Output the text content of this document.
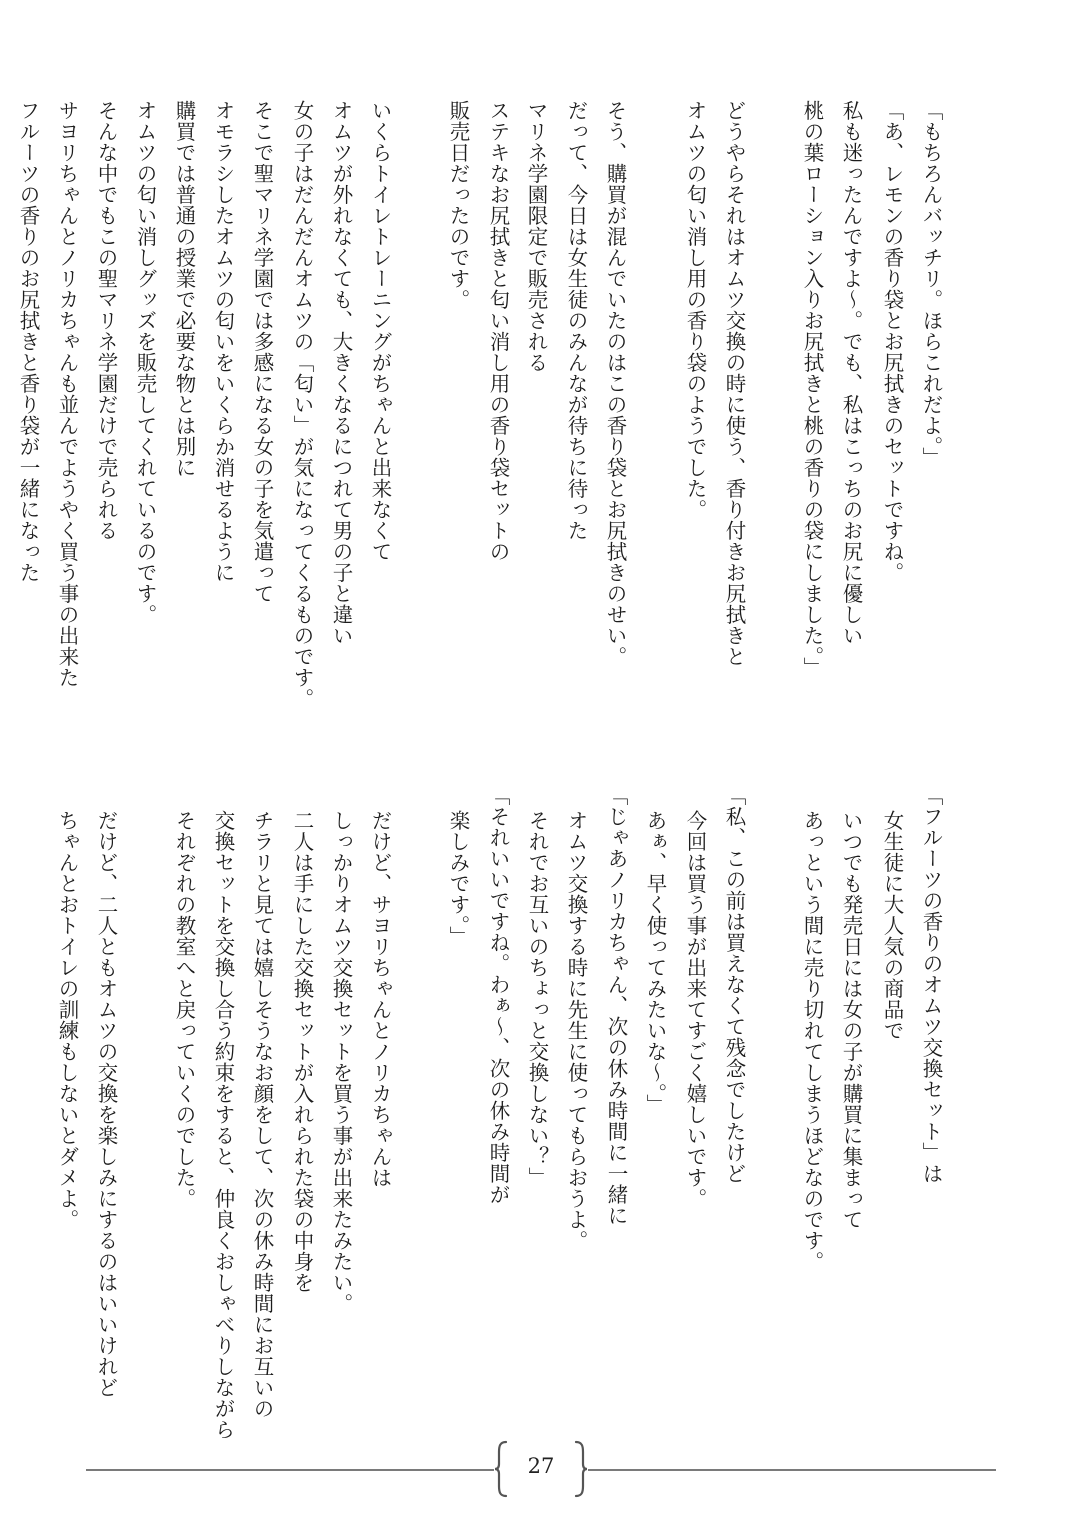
「もちろんバッチリ。ほらこれだよ。」
「あ、レモンの香り袋とお尻拭きのセットですね。
私も迷ったんですよ〜。でも、私はこっちのお尻に優しい
桃の葉ローション入りお尻拭きと桃の香りの袋にしました。」
どうやらそれはオムツ交換の時に使う、香り付きお尻拭きと
オムツの匂い消し用の香り袋のようでした。
そう、購買が混んでいたのはこの香り袋とお尻拭きのせい。
だって、今日は女生徒のみんなが待ちに待った
マリネ学園限定で販売される
ステキなお尻拭きと匂い消し用の香り袋セットの
販売日だったのです。
いくらトイレトレーニングがちゃんと出来なくて
オムツが外れなくても、大きくなるにつれて男の子と違い
女の子はだんだんオムツの「匂い」が気になってくるものです。
そこで聖マリネ学園では多感になる女の子を気遣って
オモラシしたオムツの匂いをいくらか消せるように
購買では普通の授業で必要な物とは別に
オムツの匂い消しグッズを販売してくれているのです。
そんな中でもこの聖マリネ学園だけで売られる
サヨリちゃんとノリカちゃんも並んでようやく買う事の出来た
フルーツの香りのお尻拭きと香り袋が一緒になった
「フルーツの香りのオムツ交換セット」は
女生徒に大人気の商品で
いつでも発売日には女の子が購買に集まって
あっという間に売り切れてしまうほどなのです。
「私、この前は買えなくて残念でしたけど
今回は買う事が出来てすごく嬉しいです。
あぁ、早く使ってみたいな〜。」
「じゃあノリカちゃん、次の休み時間に一緒に
オムツ交換する時に先生に使ってもらおうよ。
それでお互いのちょっと交換しない？」
「それいいですね。わぁ〜、次の休み時間が
楽しみです。」
だけど、サヨリちゃんとノリカちゃんは
しっかりオムツ交換セットを買う事が出来たみたい。
二人は手にした交換セットが入れられた袋の中身を
チラリと見ては嬉しそうなお顔をして、次の休み時間にお互いの
交換セットを交換し合う約束をすると、仲良くおしゃべりしながら
それぞれの教室へと戻っていくのでした。
だけど、二人ともオムツの交換を楽しみにするのはいいけれど
ちゃんとおトイレの訓練もしないとダメよ。
27
